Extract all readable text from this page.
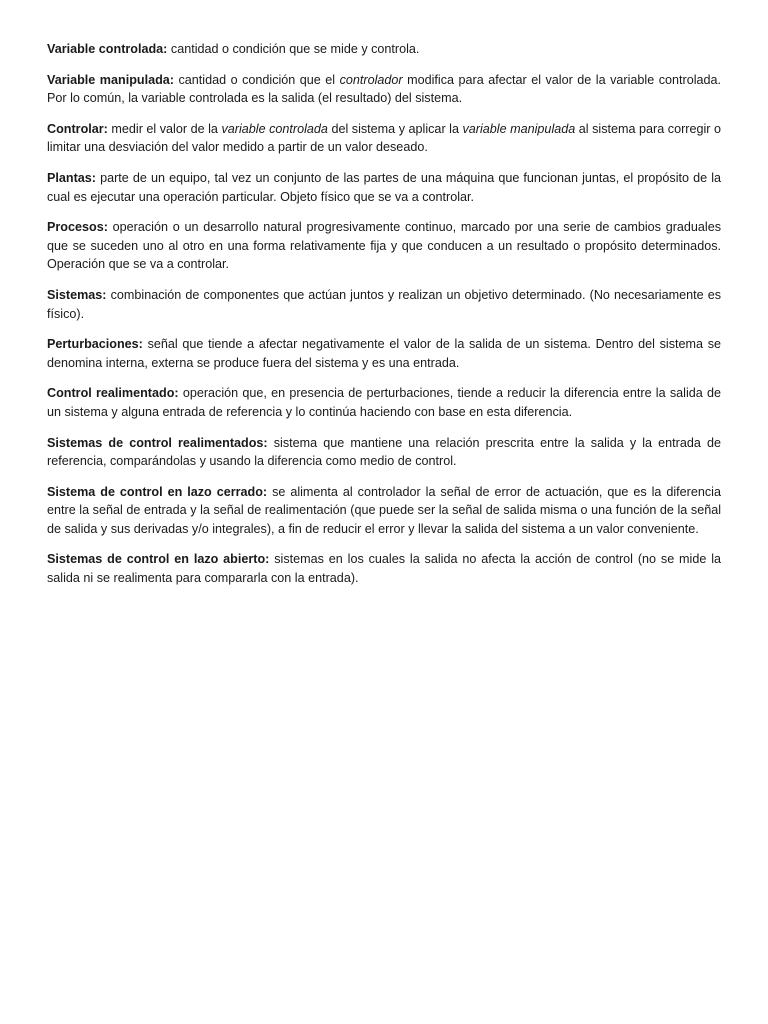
Variable controlada: cantidad o condición que se mide y controla.

Variable manipulada: cantidad o condición que el controlador modifica para afectar el valor de la variable controlada. Por lo común, la variable controlada es la salida (el resultado) del sistema.

Controlar: medir el valor de la variable controlada del sistema y aplicar la variable manipulada al sistema para corregir o limitar una desviación del valor medido a partir de un valor deseado.

Plantas: parte de un equipo, tal vez un conjunto de las partes de una máquina que funcionan juntas, el propósito de la cual es ejecutar una operación particular. Objeto físico que se va a controlar.

Procesos: operación o un desarrollo natural progresivamente continuo, marcado por una serie de cambios graduales que se suceden uno al otro en una forma relativamente fija y que conducen a un resultado o propósito determinados. Operación que se va a controlar.

Sistemas: combinación de componentes que actúan juntos y realizan un objetivo determinado. (No necesariamente es físico).

Perturbaciones: señal que tiende a afectar negativamente el valor de la salida de un sistema. Dentro del sistema se denomina interna, externa se produce fuera del sistema y es una entrada.

Control realimentado: operación que, en presencia de perturbaciones, tiende a reducir la diferencia entre la salida de un sistema y alguna entrada de referencia y lo continúa haciendo con base en esta diferencia.

Sistemas de control realimentados: sistema que mantiene una relación prescrita entre la salida y la entrada de referencia, comparándolas y usando la diferencia como medio de control.

Sistema de control en lazo cerrado: se alimenta al controlador la señal de error de actuación, que es la diferencia entre la señal de entrada y la señal de realimentación (que puede ser la señal de salida misma o una función de la señal de salida y sus derivadas y/o integrales), a fin de reducir el error y llevar la salida del sistema a un valor conveniente.

Sistemas de control en lazo abierto: sistemas en los cuales la salida no afecta la acción de control (no se mide la salida ni se realimenta para compararla con la entrada).
